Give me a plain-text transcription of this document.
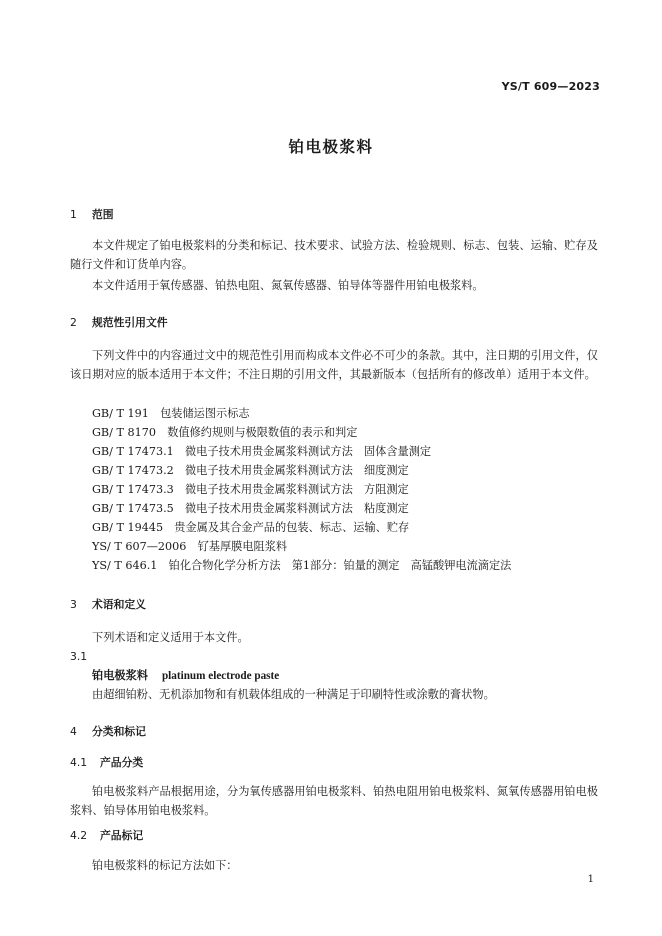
YS/T 609—2023
铂电极浆料
1 范围
本文件规定了铂电极浆料的分类和标记、技术要求、试验方法、检验规则、标志、包装、运输、贮存及随行文件和订货单内容。
本文件适用于氧传感器、铂热电阻、氮氧传感器、铂导体等器件用铂电极浆料。
2 规范性引用文件
下列文件中的内容通过文中的规范性引用而构成本文件必不可少的条款。其中，注日期的引用文件，仅该日期对应的版本适用于本文件；不注日期的引用文件，其最新版本（包括所有的修改单）适用于本文件。
GB/ T 191　 包装储运图示标志
GB/ T 8170　 数值修约规则与极限数值的表示和判定
GB/ T 17473.1　 微电子技术用贵金属浆料测试方法　固体含量测定
GB/ T 17473.2　 微电子技术用贵金属浆料测试方法　细度测定
GB/ T 17473.3　 微电子技术用贵金属浆料测试方法　方阻测定
GB/ T 17473.5　 微电子技术用贵金属浆料测试方法　粘度测定
GB/ T 19445　 贵金属及其合金产品的包装、标志、运输、贮存
YS/ T 607—2006　 钌基厚膜电阻浆料
YS/ T 646.1　 铂化合物化学分析方法　第1部分：铂量的测定　高锰酸钾电流滴定法
3 术语和定义
下列术语和定义适用于本文件。
3.1
铂电极浆料 platinum electrode paste
由超细铂粉、无机添加物和有机载体组成的一种满足于印刷特性或涂敷的膏状物。
4 分类和标记
4.1 产品分类
铂电极浆料产品根据用途，分为氧传感器用铂电极浆料、铂热电阻用铂电极浆料、氮氧传感器用铂电极浆料、铂导体用铂电极浆料。
4.2 产品标记
铂电极浆料的标记方法如下：
1
